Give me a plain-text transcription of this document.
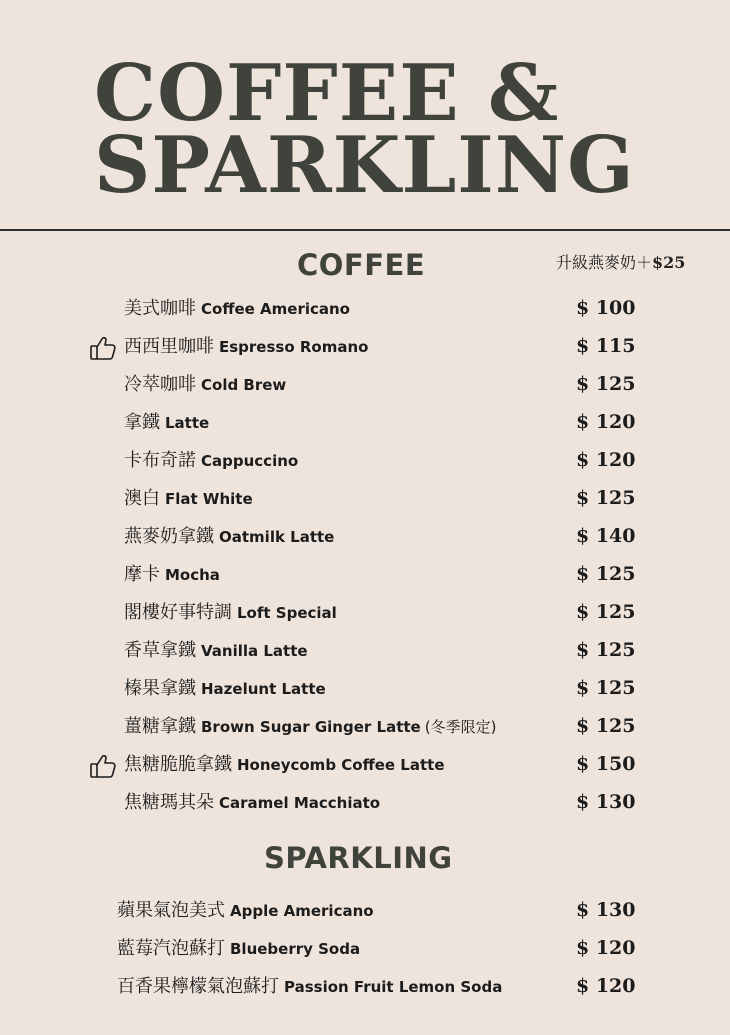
COFFEE &
SPARKLING
COFFEE	升級燕麥奶＋$25
美式咖啡 Coffee Americano	$ 100
西西里咖啡 Espresso Romano	$ 115
冷萃咖啡 Cold Brew	$ 125
拿鐵 Latte	$ 120
卡布奇諾 Cappuccino	$ 120
澳白 Flat White	$ 125
燕麥奶拿鐵 Oatmilk Latte	$ 140
摩卡 Mocha	$ 125
閣樓好事特調 Loft Special	$ 125
香草拿鐵 Vanilla Latte	$ 125
榛果拿鐵 Hazelunt Latte	$ 125
薑糖拿鐵 Brown Sugar Ginger Latte (冬季限定)	$ 125
焦糖脆脆拿鐵 Honeycomb Coffee Latte	$ 150
焦糖瑪其朵 Caramel Macchiato	$ 130
SPARKLING
蘋果氣泡美式 Apple Americano	$ 130
藍莓汽泡蘇打 Blueberry Soda	$ 120
百香果檸檬氣泡蘇打 Passion Fruit Lemon Soda	$ 120
